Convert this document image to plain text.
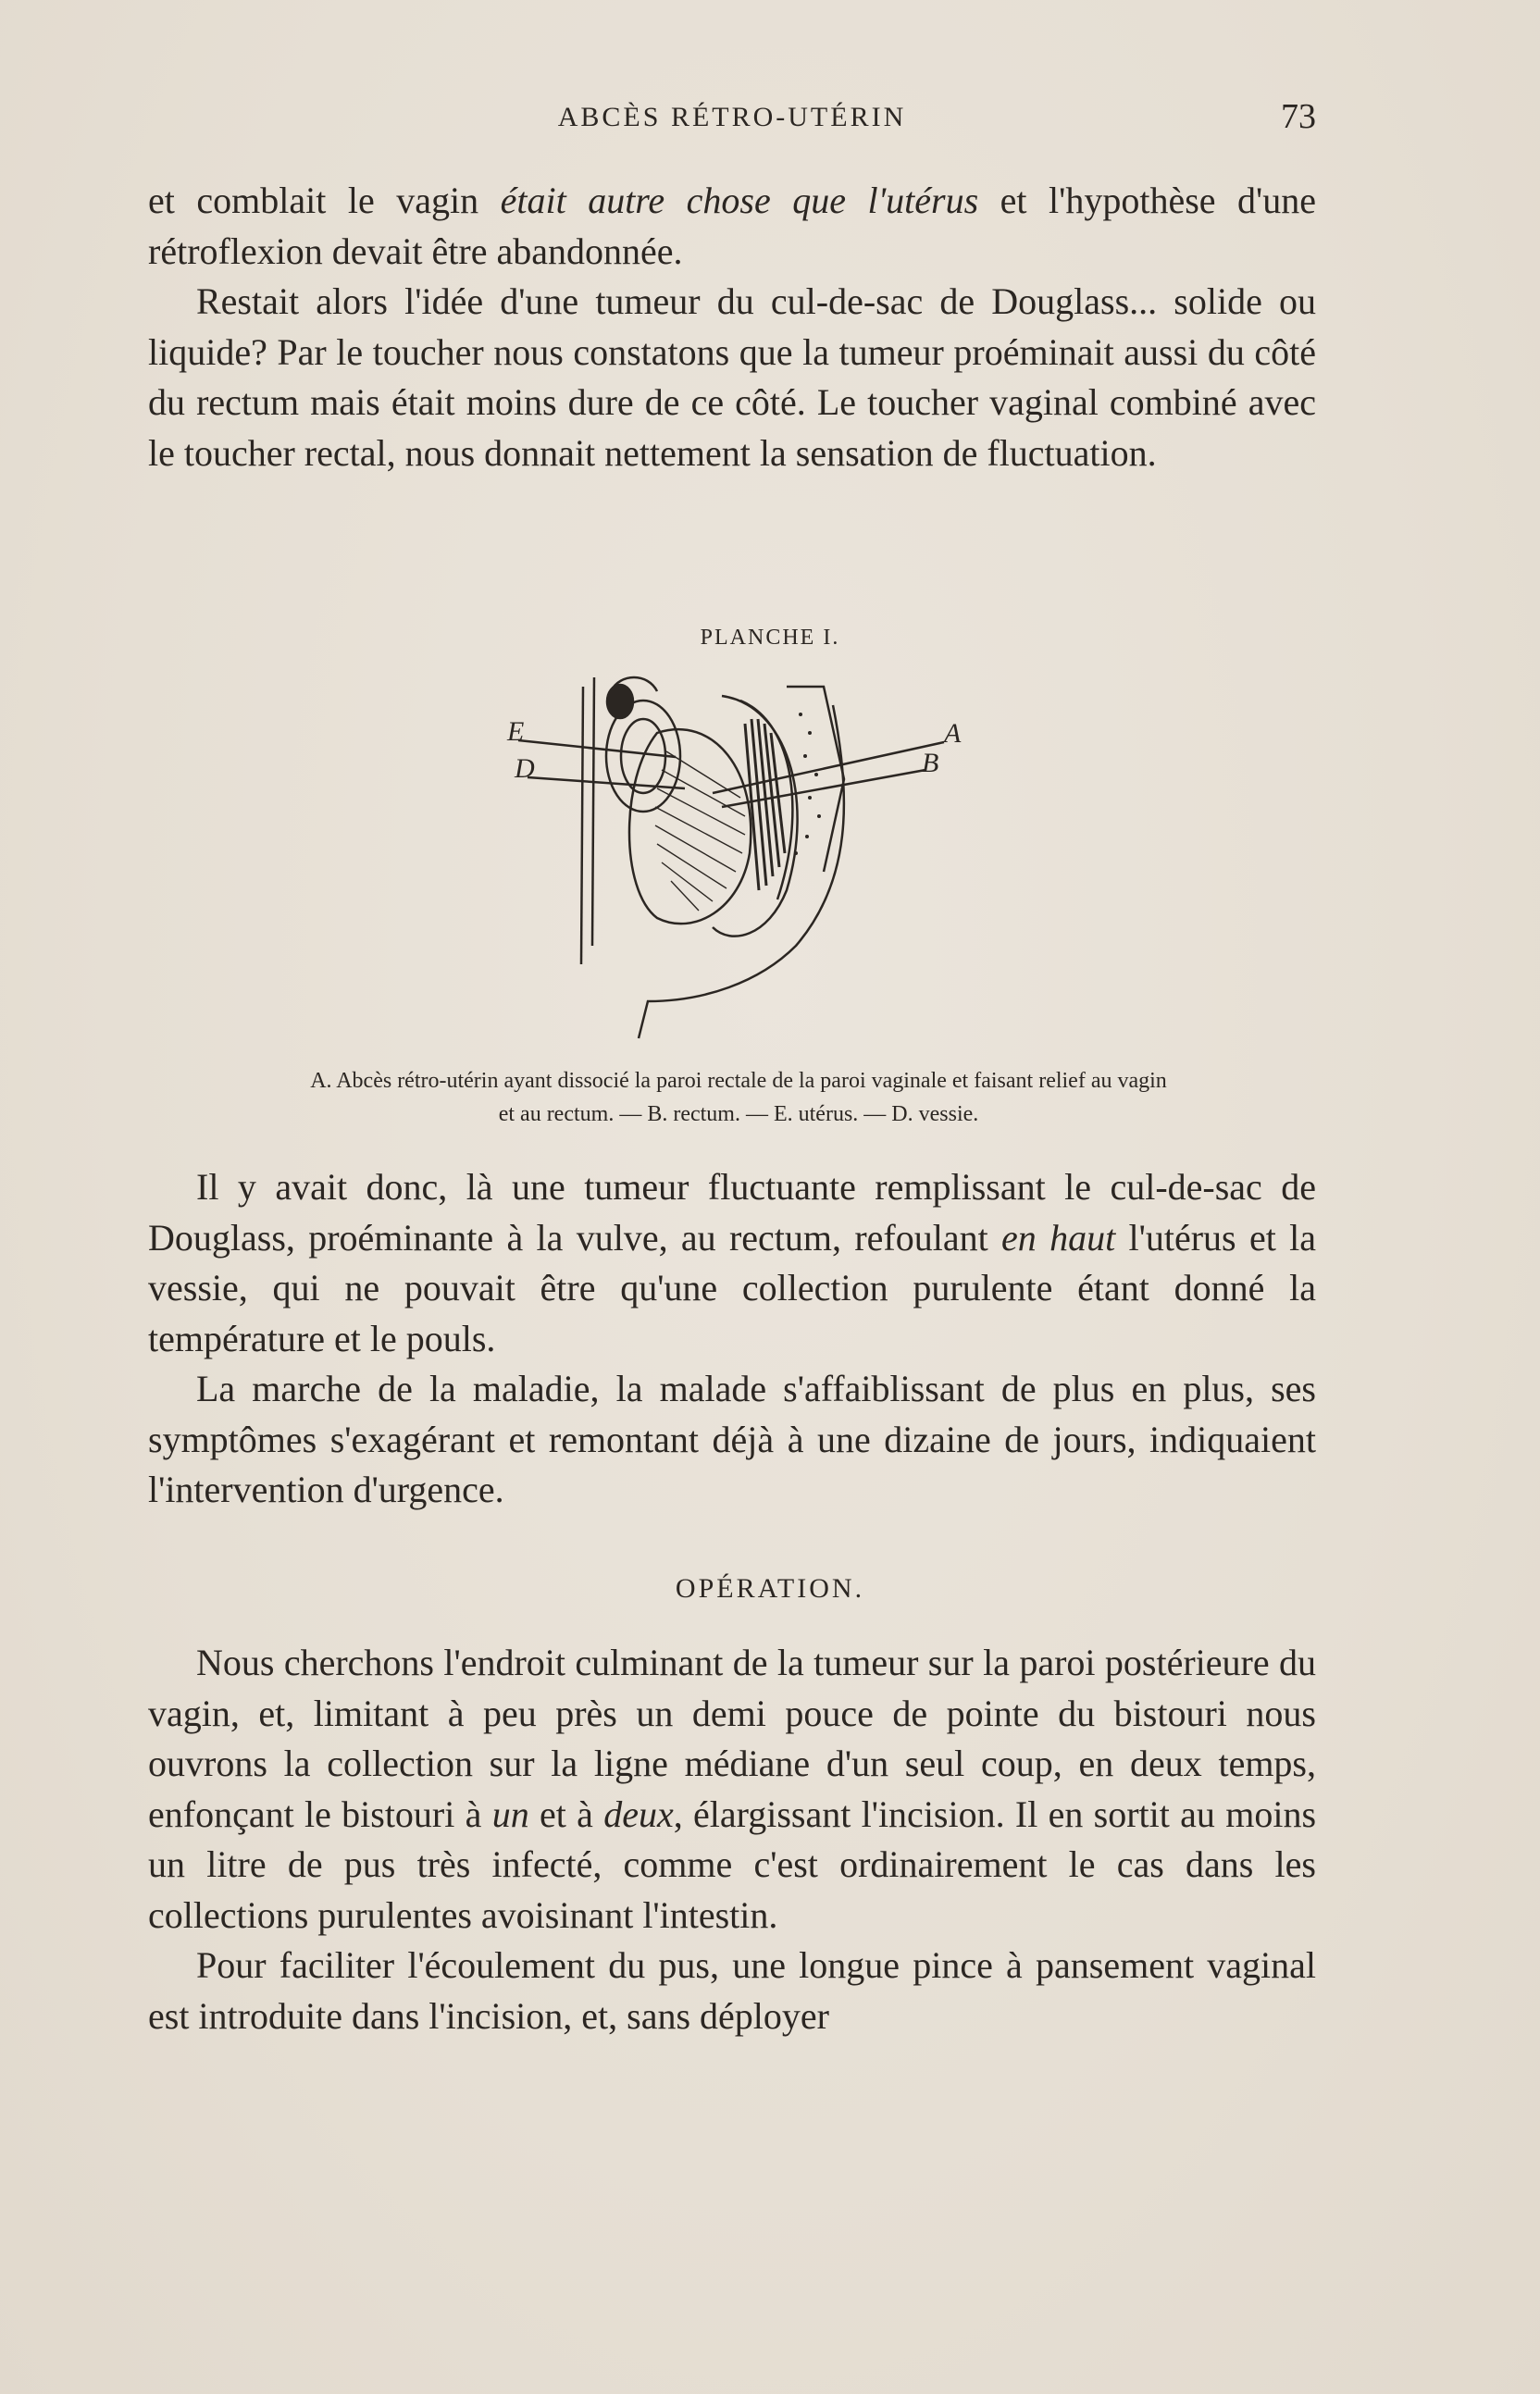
ABCÈS RÉTRO-UTÉRIN	73

et comblait le vagin était autre chose que l'utérus et l'hypothèse d'une rétroflexion devait être abandonnée.

Restait alors l'idée d'une tumeur du cul-de-sac de Douglass... solide ou liquide? Par le toucher nous constatons que la tumeur proéminait aussi du côté du rectum mais était moins dure de ce côté. Le toucher vaginal combiné avec le toucher rectal, nous donnait nettement la sensation de fluctuation.

PLANCHE I.
E
D
A
B

A. Abcès rétro-utérin ayant dissocié la paroi rectale de la paroi vaginale et faisant relief au vagin

et au rectum. — B. rectum. — E. utérus. — D. vessie.

Il y avait donc, là une tumeur fluctuante remplissant le cul-de-sac de Douglass, proéminante à la vulve, au rectum, refoulant en haut l'utérus et la vessie, qui ne pouvait être qu'une collection purulente étant donné la température et le pouls.

La marche de la maladie, la malade s'affaiblissant de plus en plus, ses symptômes s'exagérant et remontant déjà à une dizaine de jours, indiquaient l'intervention d'urgence.

OPÉRATION.

Nous cherchons l'endroit culminant de la tumeur sur la paroi postérieure du vagin, et, limitant à peu près un demi pouce de pointe du bistouri nous ouvrons la collection sur la ligne médiane d'un seul coup, en deux temps, enfonçant le bistouri à un et à deux, élargissant l'incision. Il en sortit au moins un litre de pus très infecté, comme c'est ordinairement le cas dans les collections purulentes avoisinant l'intestin.

Pour faciliter l'écoulement du pus, une longue pince à pansement vaginal est introduite dans l'incision, et, sans déployer
